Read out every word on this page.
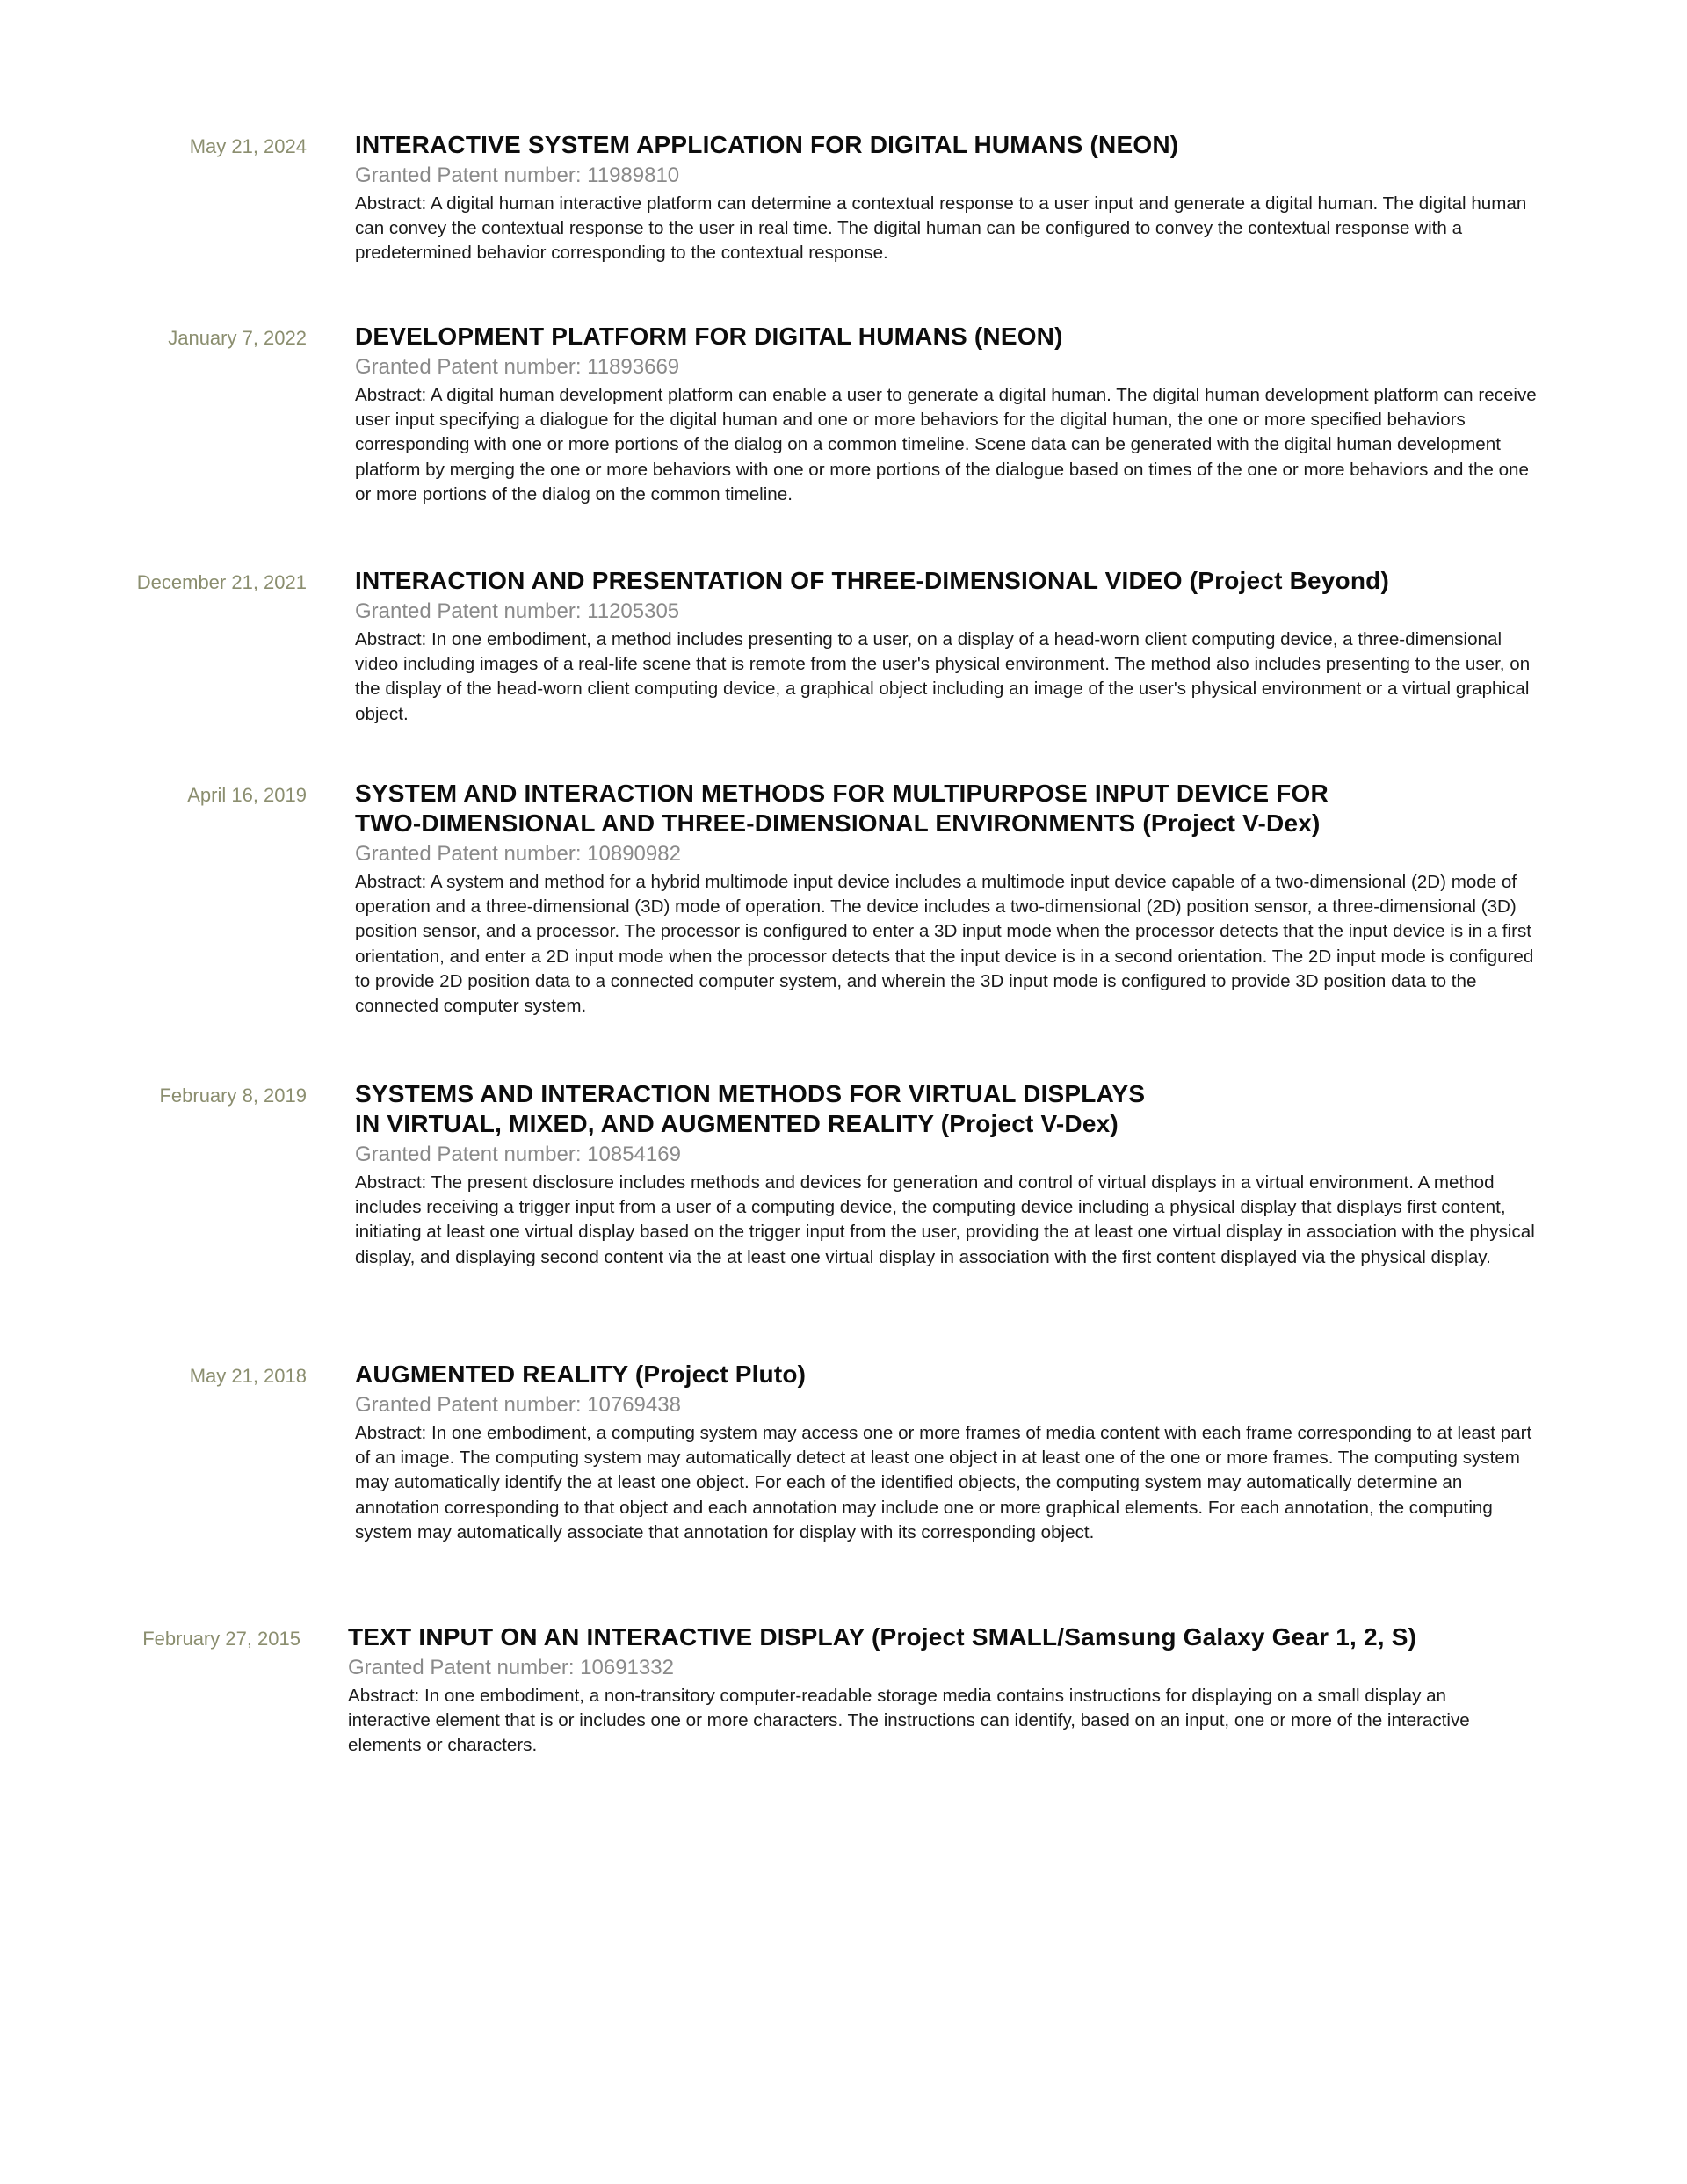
May 21, 2024 INTERACTIVE SYSTEM APPLICATION FOR DIGITAL HUMANS (NEON)
Granted Patent number: 11989810
Abstract: A digital human interactive platform can determine a contextual response to a user input and generate a digital human. The digital human can convey the contextual response to the user in real time. The digital human can be configured to convey the contextual response with a predetermined behavior corresponding to the contextual response.
January 7, 2022 DEVELOPMENT PLATFORM FOR DIGITAL HUMANS (NEON)
Granted Patent number: 11893669
Abstract: A digital human development platform can enable a user to generate a digital human. The digital human development platform can receive user input specifying a dialogue for the digital human and one or more behaviors for the digital human, the one or more specified behaviors corresponding with one or more portions of the dialog on a common timeline. Scene data can be generated with the digital human development platform by merging the one or more behaviors with one or more portions of the dialogue based on times of the one or more behaviors and the one or more portions of the dialog on the common timeline.
December 21, 2021 INTERACTION AND PRESENTATION OF THREE-DIMENSIONAL VIDEO (Project Beyond)
Granted Patent number: 11205305
Abstract: In one embodiment, a method includes presenting to a user, on a display of a head-worn client computing device, a three-dimensional video including images of a real-life scene that is remote from the user's physical environment. The method also includes presenting to the user, on the display of the head-worn client computing device, a graphical object including an image of the user's physical environment or a virtual graphical object.
April 16, 2019 SYSTEM AND INTERACTION METHODS FOR MULTIPURPOSE INPUT DEVICE FOR
TWO-DIMENSIONAL AND THREE-DIMENSIONAL ENVIRONMENTS (Project V-Dex)
Granted Patent number: 10890982
Abstract: A system and method for a hybrid multimode input device includes a multimode input device capable of a two-dimensional (2D) mode of operation and a three-dimensional (3D) mode of operation. The device includes a two-dimensional (2D) position sensor, a three-dimensional (3D) position sensor, and a processor. The processor is configured to enter a 3D input mode when the processor detects that the input device is in a first orientation, and enter a 2D input mode when the processor detects that the input device is in a second orientation. The 2D input mode is configured to provide 2D position data to a connected computer system, and wherein the 3D input mode is configured to provide 3D position data to the connected computer system.
February 8, 2019 SYSTEMS AND INTERACTION METHODS FOR VIRTUAL DISPLAYS
IN VIRTUAL, MIXED, AND AUGMENTED REALITY (Project V-Dex)
Granted Patent number: 10854169
Abstract: The present disclosure includes methods and devices for generation and control of virtual displays in a virtual environment. A method includes receiving a trigger input from a user of a computing device, the computing device including a physical display that displays first content, initiating at least one virtual display based on the trigger input from the user, providing the at least one virtual display in association with the physical display, and displaying second content via the at least one virtual display in association with the first content displayed via the physical display.
May 21, 2018 AUGMENTED REALITY (Project Pluto)
Granted Patent number: 10769438
Abstract: In one embodiment, a computing system may access one or more frames of media content with each frame corresponding to at least part of an image. The computing system may automatically detect at least one object in at least one of the one or more frames. The computing system may automatically identify the at least one object. For each of the identified objects, the computing system may automatically determine an annotation corresponding to that object and each annotation may include one or more graphical elements. For each annotation, the computing system may automatically associate that annotation for display with its corresponding object.
February 27, 2015 TEXT INPUT ON AN INTERACTIVE DISPLAY (Project SMALL/Samsung Galaxy Gear 1, 2, S)
Granted Patent number: 10691332
Abstract: In one embodiment, a non-transitory computer-readable storage media contains instructions for displaying on a small display an interactive element that is or includes one or more characters. The instructions can identify, based on an input, one or more of the interactive elements or characters.
